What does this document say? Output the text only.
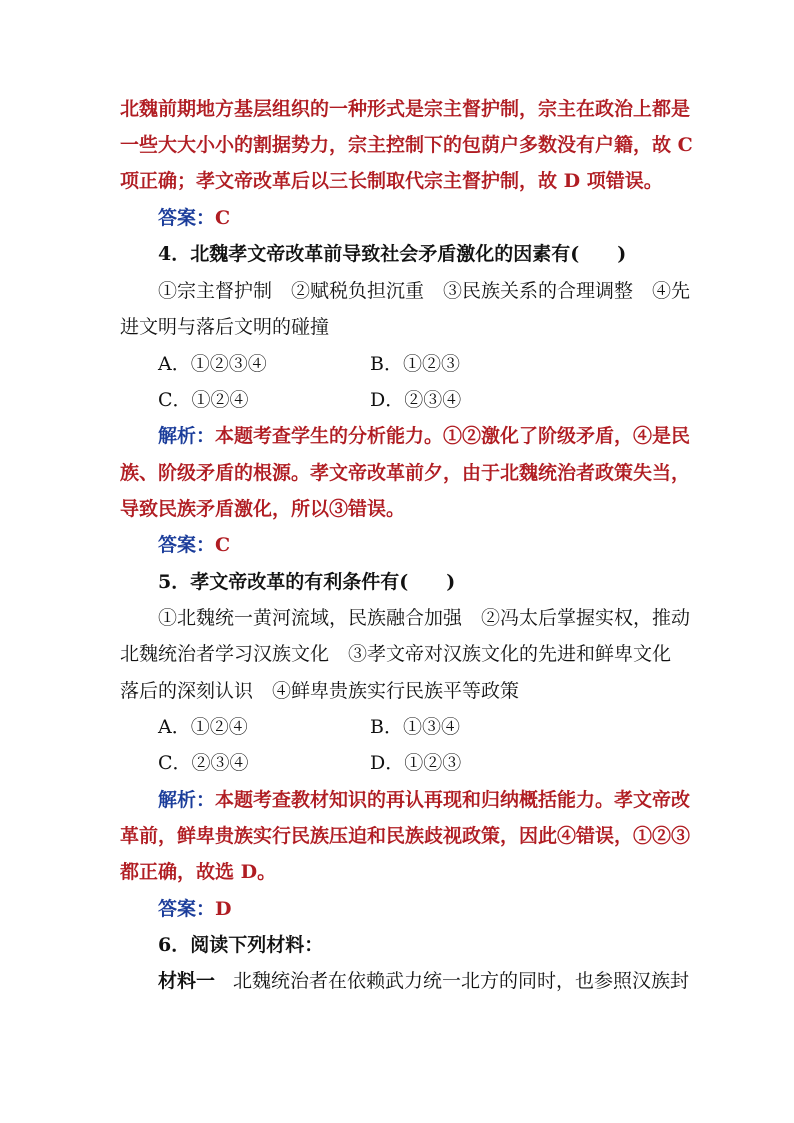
北魏前期地方基层组织的一种形式是宗主督护制，宗主在政治上都是
一些大大小小的割据势力，宗主控制下的包荫户多数没有户籍，故 C
项正确；孝文帝改革后以三长制取代宗主督护制，故 D 项错误。
答案：C
4．北魏孝文帝改革前导致社会矛盾激化的因素有(　　)
①宗主督护制　②赋税负担沉重　③民族关系的合理调整　④先
进文明与落后文明的碰撞
A．①②③④	B．①②③
C．①②④	D．②③④
解析：本题考查学生的分析能力。①②激化了阶级矛盾，④是民
族、阶级矛盾的根源。孝文帝改革前夕，由于北魏统治者政策失当，
导致民族矛盾激化，所以③错误。
答案：C
5．孝文帝改革的有利条件有(　　)
①北魏统一黄河流域，民族融合加强　②冯太后掌握实权，推动
北魏统治者学习汉族文化　③孝文帝对汉族文化的先进和鲜卑文化
落后的深刻认识　④鲜卑贵族实行民族平等政策
A．①②④	B．①③④
C．②③④	D．①②③
解析：本题考查教材知识的再认再现和归纳概括能力。孝文帝改
革前，鲜卑贵族实行民族压迫和民族歧视政策，因此④错误，①②③
都正确，故选 D。
答案：D
6．阅读下列材料：
材料一 北魏统治者在依赖武力统一北方的同时，也参照汉族封
